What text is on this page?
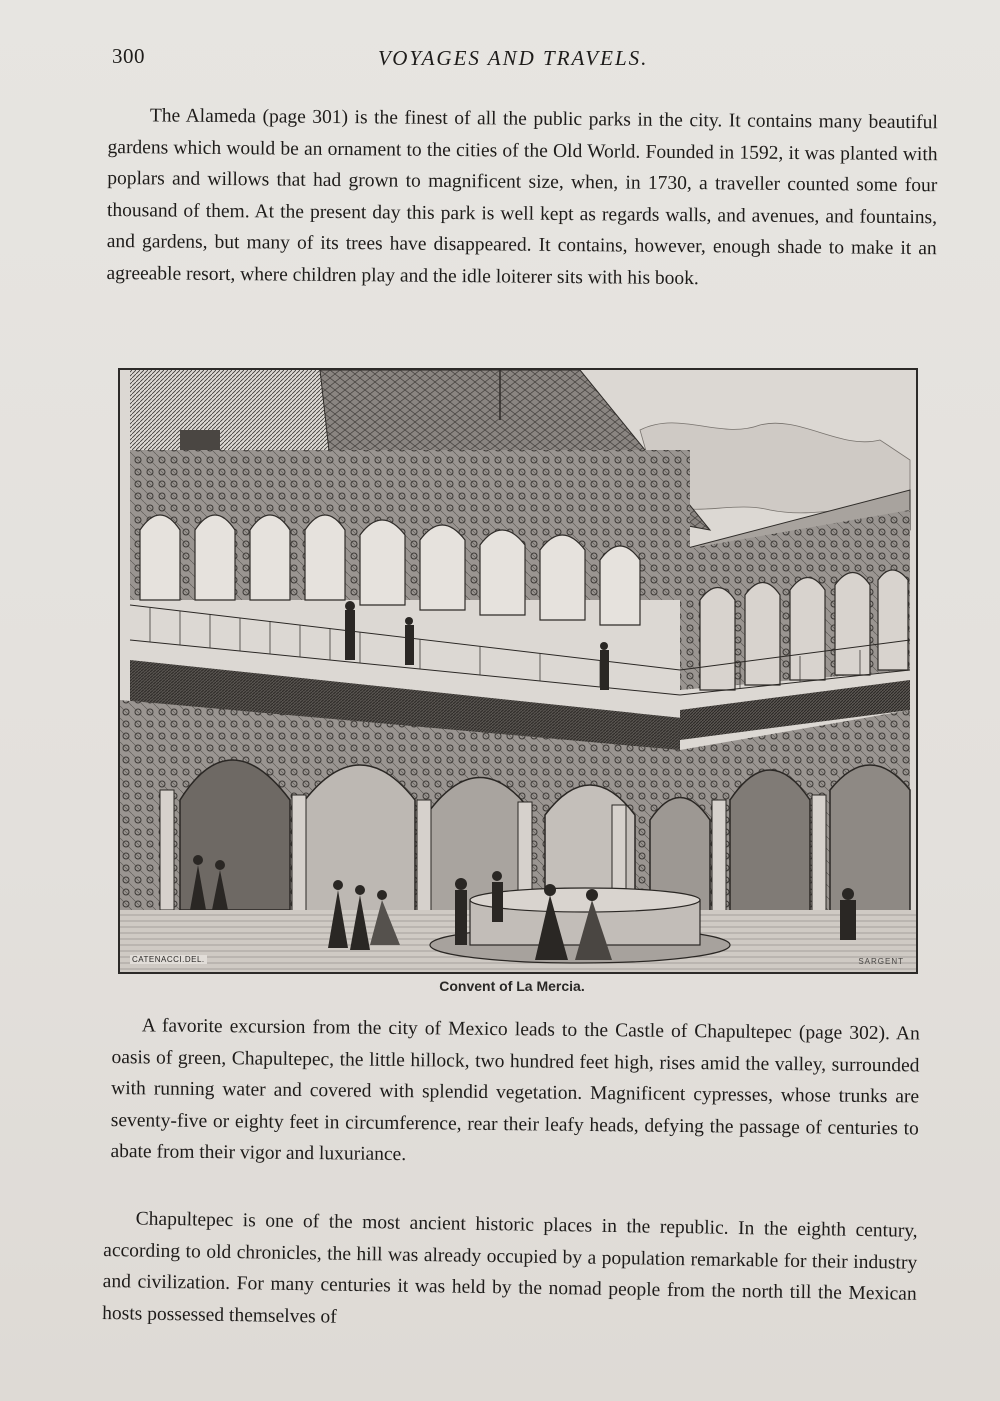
300	VOYAGES AND TRAVELS.

The Alameda (page 301) is the finest of all the public parks in the city. It contains many beautiful gardens which would be an ornament to the cities of the Old World. Founded in 1592, it was planted with poplars and willows that had grown to magnificent size, when, in 1730, a traveller counted some four thousand of them. At the present day this park is well kept as regards walls, and avenues, and fountains, and gardens, but many of its trees have disappeared. It contains, however, enough shade to make it an agreeable resort, where children play and the idle loiterer sits with his book.

CATENACCI.DEL.	SARGENT
Convent of La Mercia.

A favorite excursion from the city of Mexico leads to the Castle of Chapultepec (page 302). An oasis of green, Chapultepec, the little hillock, two hundred feet high, rises amid the valley, surrounded with running water and covered with splendid vegetation. Magnificent cypresses, whose trunks are seventy-five or eighty feet in circumference, rear their leafy heads, defying the passage of centuries to abate from their vigor and luxuriance.

Chapultepec is one of the most ancient historic places in the republic. In the eighth century, according to old chronicles, the hill was already occupied by a population remarkable for their industry and civilization. For many centuries it was held by the nomad people from the north till the Mexican hosts possessed themselves of
